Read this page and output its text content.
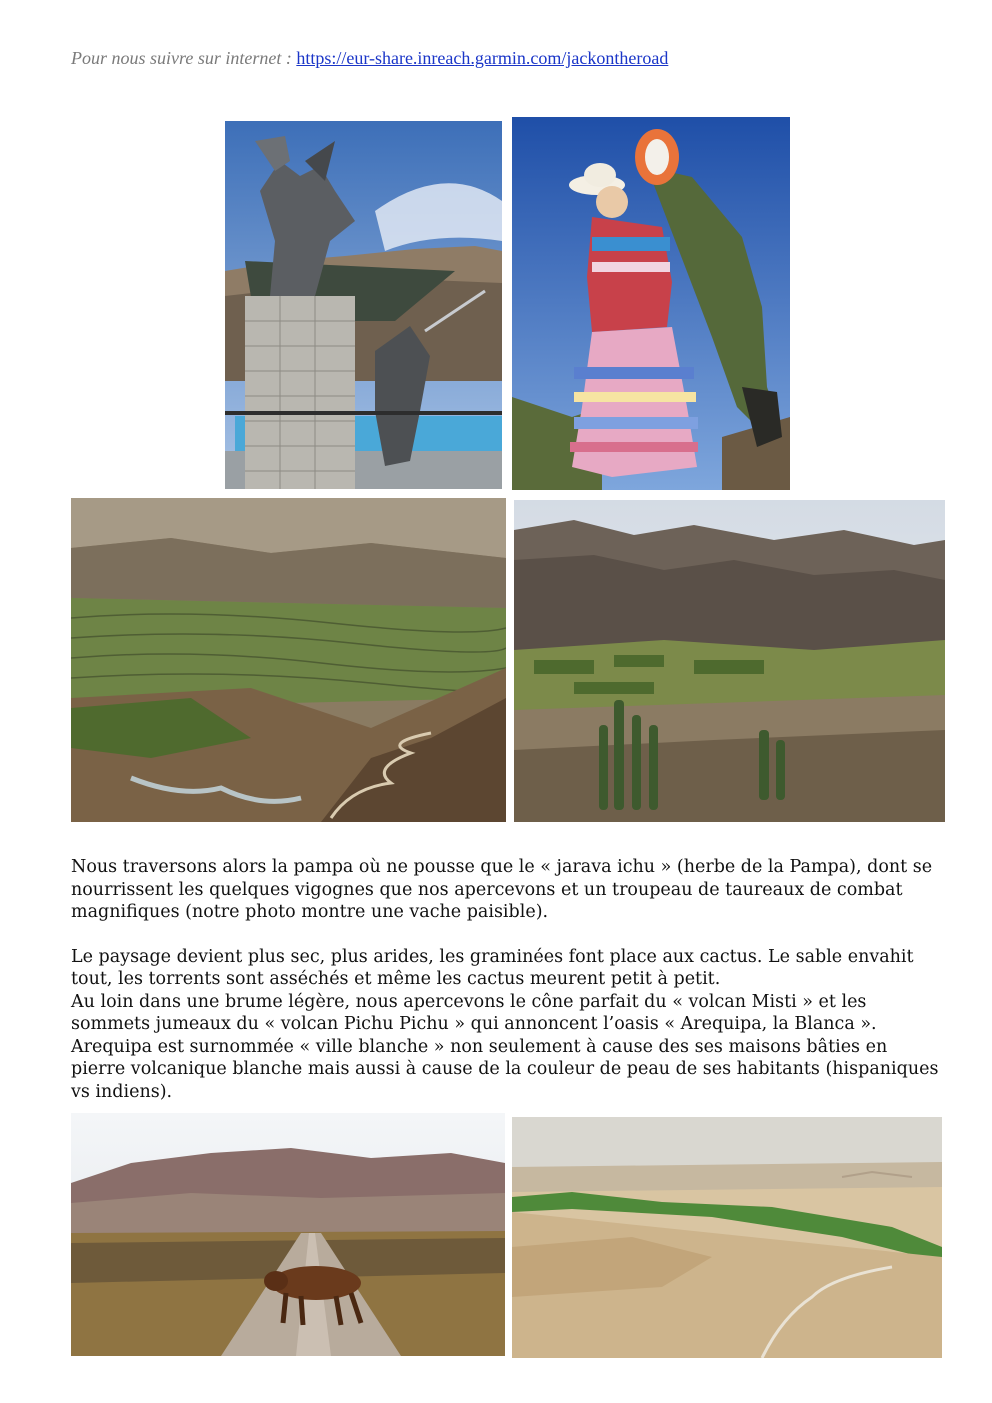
Pour nous suivre sur internet : https://eur-share.inreach.garmin.com/jackontheroad

Nous traversons alors la pampa où ne pousse que le « jarava ichu » (herbe de la Pampa), dont se nourrissent les quelques vigognes que nos apercevons et un troupeau de taureaux de combat magnifiques (notre photo montre une vache paisible).

Le paysage devient plus sec, plus arides, les graminées font place aux cactus. Le sable envahit tout, les torrents sont asséchés et même les cactus meurent petit à petit.

Au loin dans une brume légère, nous apercevons le cône parfait du « volcan Misti » et les sommets jumeaux du « volcan Pichu Pichu » qui annoncent l’oasis « Arequipa, la Blanca ».

Arequipa est surnommée « ville blanche » non seulement à cause des ses maisons bâties en pierre volcanique blanche mais aussi à cause de la couleur de peau de ses habitants (hispaniques vs indiens).
